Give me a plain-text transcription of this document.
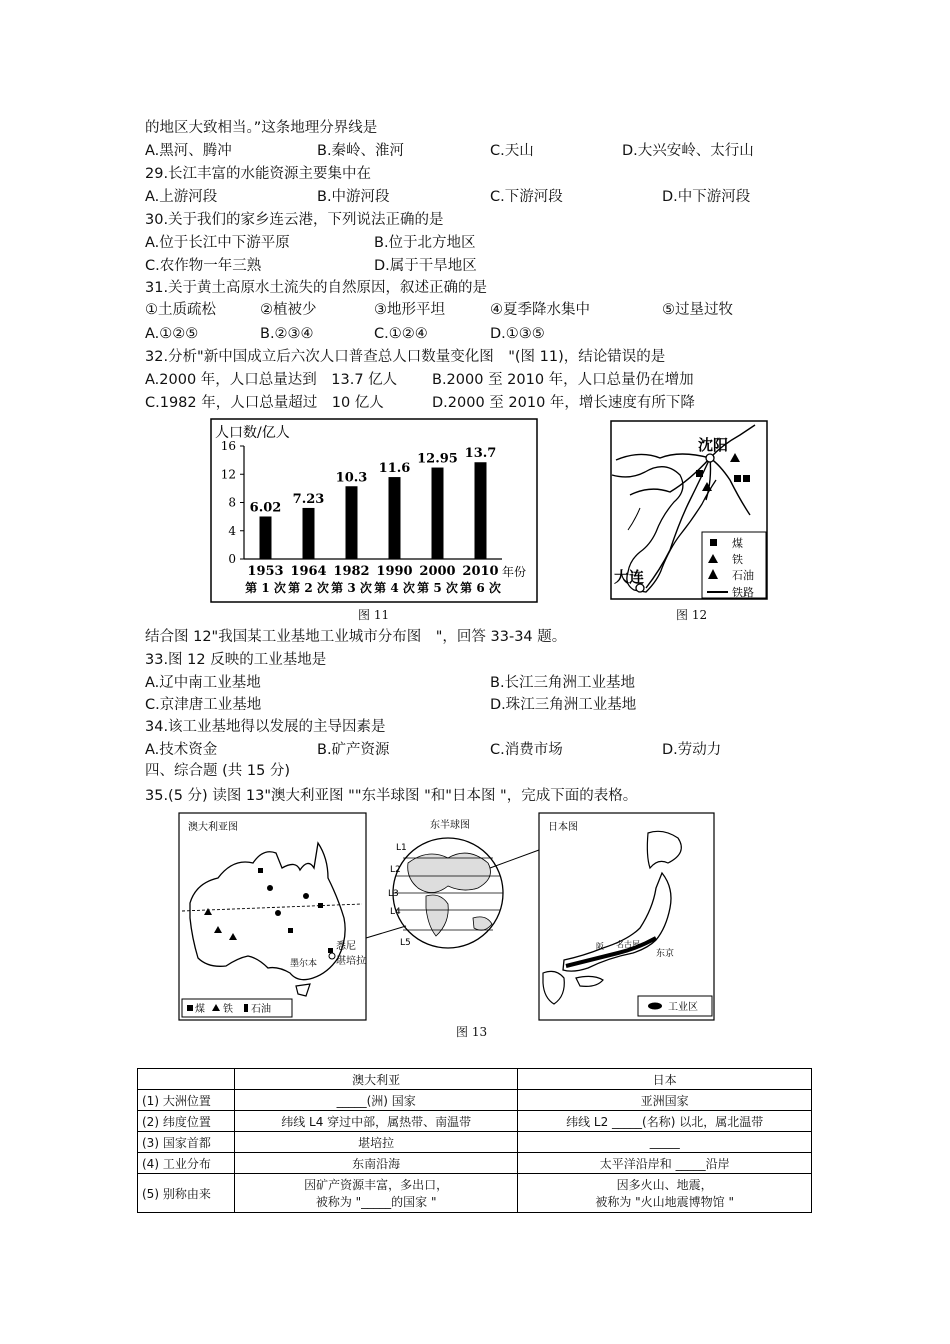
的地区大致相当。”这条地理分界线是
A.黑河、腾冲	B.秦岭、淮河	C.天山	D.大兴安岭、太行山
29.长江丰富的水能资源主要集中在
A.上游河段	B.中游河段	C.下游河段	D.中下游河段
30.关于我们的家乡连云港，下列说法正确的是
A.位于长江中下游平原	B.位于北方地区
C.农作物一年三熟	D.属于干旱地区
31.关于黄土高原水土流失的自然原因，叙述正确的是
①土质疏松	②植被少	③地形平坦	④夏季降水集中	⑤过垦过牧
A.①②⑤	B.②③④	C.①②④	D.①③⑤
32.分析"新中国成立后六次人口普查总人口数量变化图　"(图 11)，结论错误的是
A.2000 年，人口总量达到　13.7 亿人 B.2000 至 2010 年，人口总量仍在增加
C.1982 年，人口总量超过　10 亿人	D.2000 至 2010 年，增长速度有所下降
人口数/亿人
0
4
8
12
16
6.02
7.23
10.3
11.6
12.95 13.7
1953 1964 1982 1990 2000 2010
第 1 次 第 2 次 第 3 次 第 4 次 第 5 次 第 6 次
年份
图 11
沈阳
大连
煤
铁
石油
铁路
图 12
结合图 12"我国某工业基地工业城市分布图　"，回答 33-34 题。
33.图 12 反映的工业基地是
A.辽中南工业基地	B.长江三角洲工业基地
C.京津唐工业基地	D.珠江三角洲工业基地
34.该工业基地得以发展的主导因素是
A.技术资金	B.矿产资源	C.消费市场	D.劳动力
四、综合题 (共 15 分)
35.(5 分) 读图 13"澳大利亚图 ""东半球图 "和"日本图 "，完成下面的表格。
澳大利亚图
悉尼
堪培拉
墨尔本
煤 铁 石油
东半球图
L1
L2
L3
L4
L5
日本图
阪 名古屋
东京
工业区
图 13
	澳大利亚	日本
(1) 大洲位置	_____(洲) 国家	亚洲国家
(2) 纬度位置	纬线 L4 穿过中部，属热带、南温带	纬线 L2 _____(名称) 以北，属北温带
(3) 国家首都	堪培拉	_____
(4) 工业分布	东南沿海	太平洋沿岸和 _____沿岸
(5) 别称由来	因矿产资源丰富，多出口，
被称为 "_____的国家 "	因多火山、地震，
被称为 "火山地震博物馆 "
